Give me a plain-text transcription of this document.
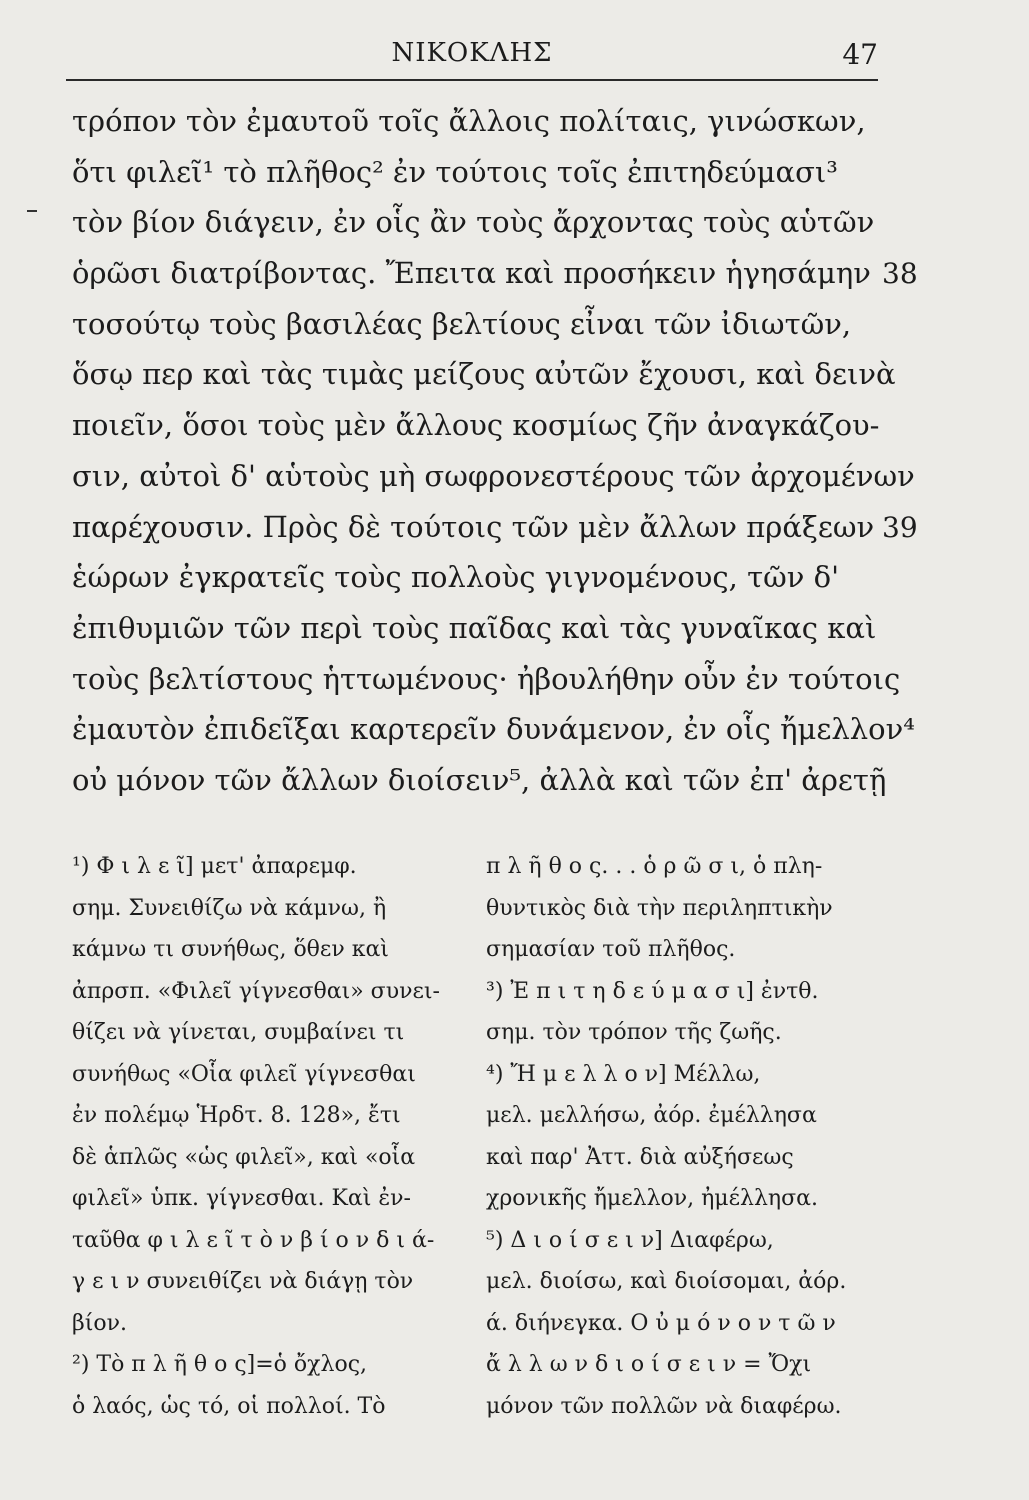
ΝΙΚΟΚΛΗΣ	47
τρόπον τὸν ἐμαυτοῦ τοῖς ἄλλοις πολίταις, γινώσκων,
ὅτι φιλεῖ¹ τὸ πλῆθος² ἐν τούτοις τοῖς ἐπιτηδεύμασι³
τὸν βίον διάγειν, ἐν οἷς ἂν τοὺς ἄρχοντας τοὺς αὑτῶν
ὁρῶσι διατρίβοντας. Ἔπειτα καὶ προσήκειν ἡγησάμην 38
τοσούτῳ τοὺς βασιλέας βελτίους εἶναι τῶν ἰδιωτῶν,
ὅσῳ περ καὶ τὰς τιμὰς μείζους αὐτῶν ἔχουσι, καὶ δεινὰ
ποιεῖν, ὅσοι τοὺς μὲν ἄλλους κοσμίως ζῆν ἀναγκάζου-
σιν, αὐτοὶ δ' αὑτοὺς μὴ σωφρονεστέρους τῶν ἀρχομένων
παρέχουσιν. Πρὸς δὲ τούτοις τῶν μὲν ἄλλων πράξεων 39
ἑώρων ἐγκρατεῖς τοὺς πολλοὺς γιγνομένους, τῶν δ'
ἐπιθυμιῶν τῶν περὶ τοὺς παῖδας καὶ τὰς γυναῖκας καὶ
τοὺς βελτίστους ἡττωμένους· ἠβουλήθην οὖν ἐν τούτοις
ἐμαυτὸν ἐπιδεῖξαι καρτερεῖν δυνάμενον, ἐν οἷς ἤμελλον⁴
οὐ μόνον τῶν ἄλλων διοίσειν⁵, ἀλλὰ καὶ τῶν ἐπ' ἀρετῇ
¹) Φ ι λ ε ῖ] μετ' ἀπαρεμφ.
σημ. Συνειθίζω νὰ κάμνω, ἢ
κάμνω τι συνήθως, ὅθεν καὶ
ἀπρσπ. «Φιλεῖ γίγνεσθαι» συνει-
θίζει νὰ γίνεται, συμβαίνει τι
συνήθως «Οἷα φιλεῖ γίγνεσθαι
ἐν πολέμῳ Ἡρδτ. 8. 128», ἔτι
δὲ ἁπλῶς «ὡς φιλεῖ», καὶ «οἷα
φιλεῖ» ὑπκ. γίγνεσθαι. Καὶ ἐν-
ταῦθα φ ι λ ε ῖ τ ὸ ν β ί ο ν δ ι ά-
γ ε ι ν συνειθίζει νὰ διάγῃ τὸν
βίον.
²) Τὸ π λ ῆ θ ο ς]=ὁ ὄχλος,
ὁ λαός, ὡς τό, οἱ πολλοί. Τὸ
π λ ῆ θ ο ς. . . ὁ ρ ῶ σ ι, ὁ πλη-
θυντικὸς διὰ τὴν περιληπτικὴν
σημασίαν τοῦ πλῆθος.
³) Ἐ π ι τ η δ ε ύ μ α σ ι] ἐντθ.
σημ. τὸν τρόπον τῆς ζωῆς.
⁴) Ἤ μ ε λ λ ο ν] Μέλλω,
μελ. μελλήσω, ἀόρ. ἐμέλλησα
καὶ παρ' Ἀττ. διὰ αὐξήσεως
χρονικῆς ἤμελλον, ἠμέλλησα.
⁵) Δ ι ο ί σ ε ι ν] Διαφέρω,
μελ. διοίσω, καὶ διοίσομαι, ἀόρ.
ά. διήνεγκα. Ο ὐ μ ό ν ο ν τ ῶ ν
ἄ λ λ ω ν δ ι ο ί σ ε ι ν = Ὄχι
μόνον τῶν πολλῶν νὰ διαφέρω.
